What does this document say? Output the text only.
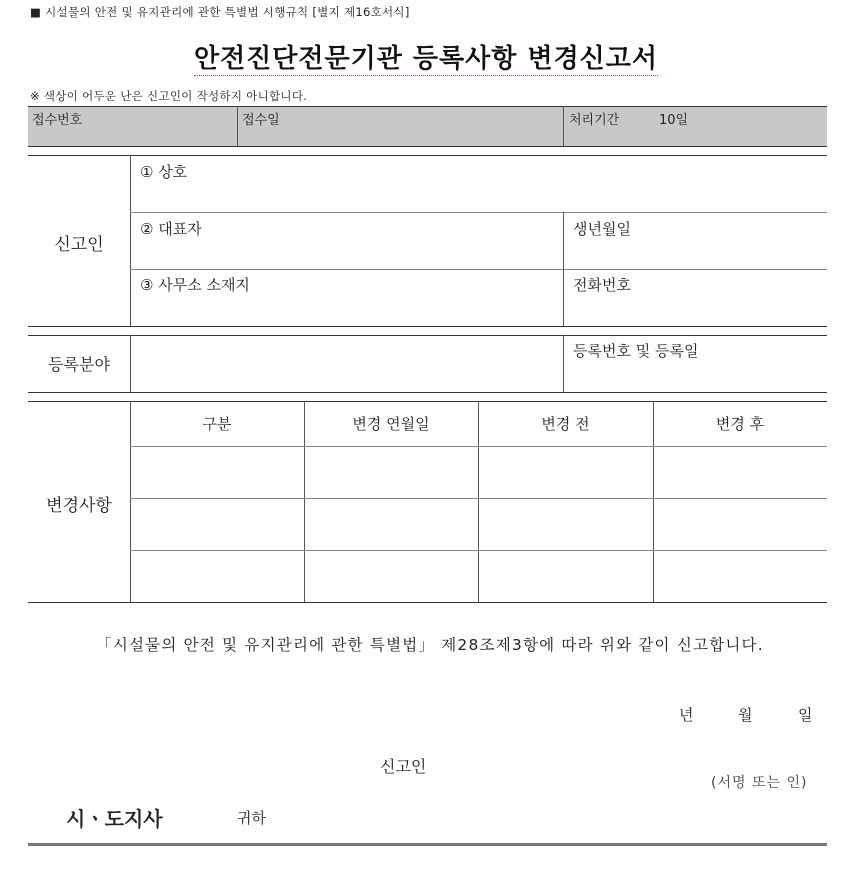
■ 시설물의 안전 및 유지관리에 관한 특별법 시행규칙 [별지 제16호서식]
안전진단전문기관 등록사항 변경신고서
※ 색상이 어두운 난은 신고인이 작성하지 아니합니다.
접수번호	접수일	처리기간	10일
신고인
① 상호
② 대표자	생년월일
③ 사무소 소재지	전화번호
등록분야
등록번호 및 등록일
변경사항
구분	변경 연월일	변경 전	변경 후
「시설물의 안전 및 유지관리에 관한 특별법」 제28조제3항에 따라 위와 같이 신고합니다.
년	월	일
신고인
(서명 또는 인)
시ㆍ도지사	귀하
